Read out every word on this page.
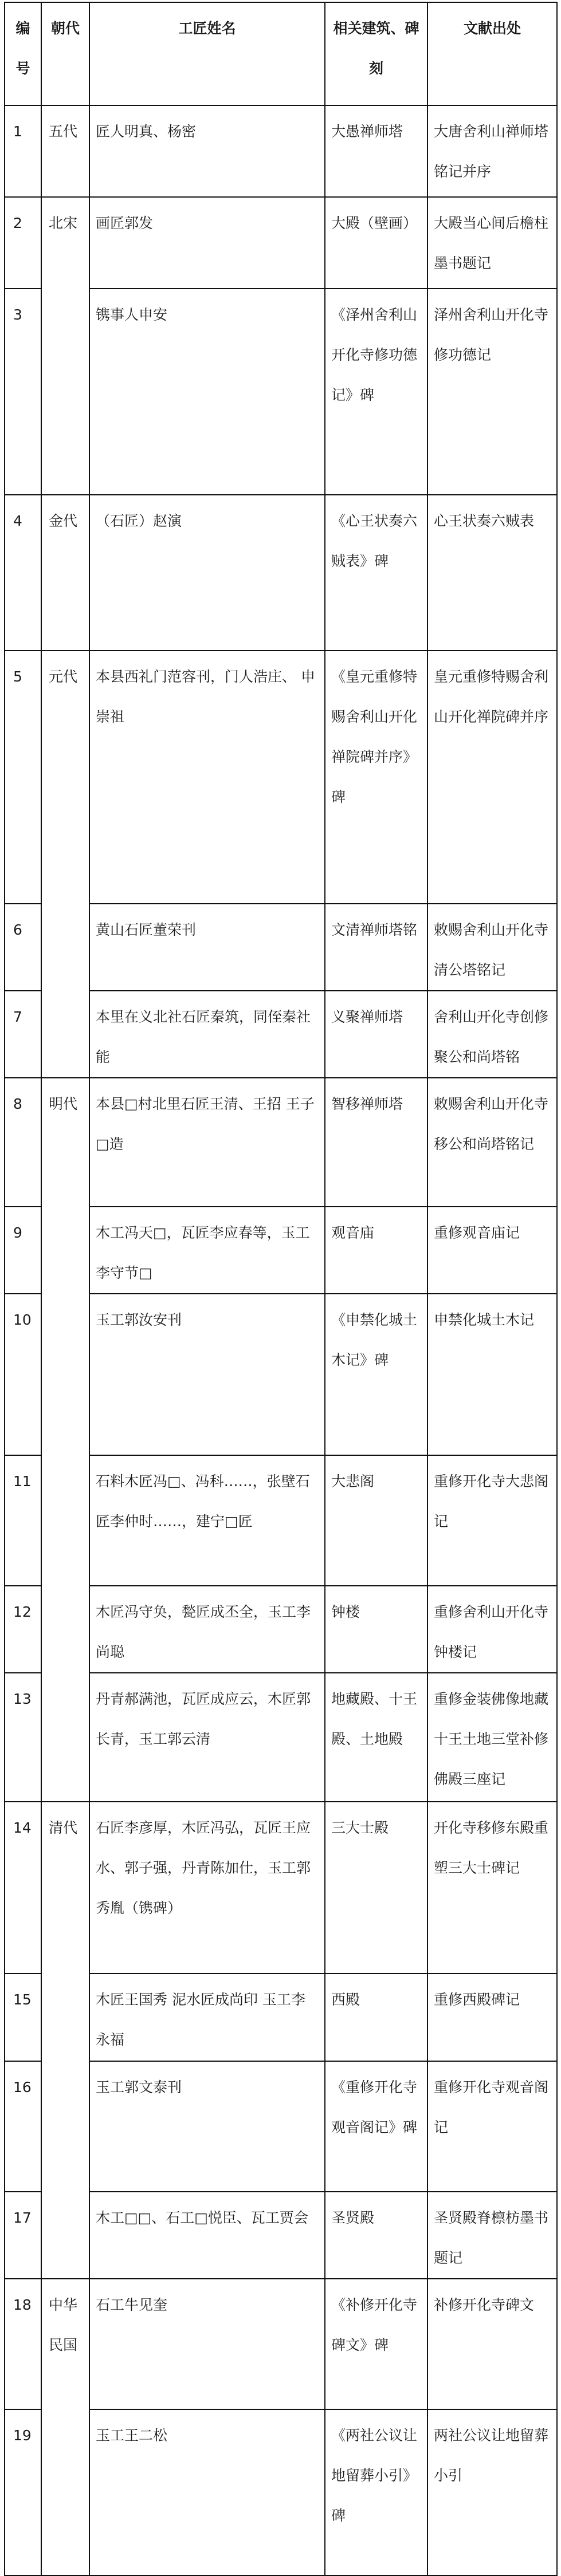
编号	朝代	工匠姓名	相关建筑、碑刻	文献出处
1	五代	匠人明真、杨密	大愚禅师塔	大唐舍利山禅师塔铭记并序
2	北宋	画匠郭发	大殿（壁画）	大殿当心间后檐柱墨书题记
3		镌事人申安	《泽州舍利山开化寺修功德记》碑	泽州舍利山开化寺修功德记
4	金代	（石匠）赵演	《心王状奏六贼表》碑	心王状奏六贼表
5	元代	本县西礼门范容刊，门人浩庄、 申崇祖	《皇元重修特赐舍利山开化禅院碑并序》碑	皇元重修特赐舍利山开化禅院碑并序
6		黄山石匠董荣刊	文清禅师塔铭	敕赐舍利山开化寺清公塔铭记
7		本里在义北社石匠秦筑，同侄秦社能	义聚禅师塔	舍利山开化寺创修聚公和尚塔铭
8	明代	本县□村北里石匠王清、王招 王子□造	智移禅师塔	敕赐舍利山开化寺移公和尚塔铭记
9		木工冯天□，瓦匠李应春等，玉工李守节□	观音庙	重修观音庙记
10		玉工郭汝安刊	《申禁化城土木记》碑	申禁化城土木记
11		石料木匠冯□、冯科……，张壁石匠李仲时……，建宁□匠	大悲阁	重修开化寺大悲阁记
12		木匠冯守奂，甃匠成丕全，玉工李尚聪	钟楼	重修舍利山开化寺钟楼记
13		丹青郝满池，瓦匠成应云，木匠郭长青，玉工郭云清	地藏殿、十王殿、土地殿	重修金装佛像地藏十王土地三堂补修佛殿三座记
14	清代	石匠李彦厚，木匠冯弘，瓦匠王应水、郭子强，丹青陈加仕，玉工郭秀胤（镌碑）	三大士殿	开化寺移修东殿重塑三大士碑记
15		木匠王国秀 泥水匠成尚印 玉工李永福	西殿	重修西殿碑记
16		玉工郭文泰刊	《重修开化寺观音阁记》碑	重修开化寺观音阁记
17		木工□□、石工□悦臣、瓦工贾会	圣贤殿	圣贤殿脊檩枋墨书题记
18	中华民国	石工牛见奎	《补修开化寺碑文》碑	补修开化寺碑文
19		玉工王二松	《两社公议让地留葬小引》碑	两社公议让地留葬小引
